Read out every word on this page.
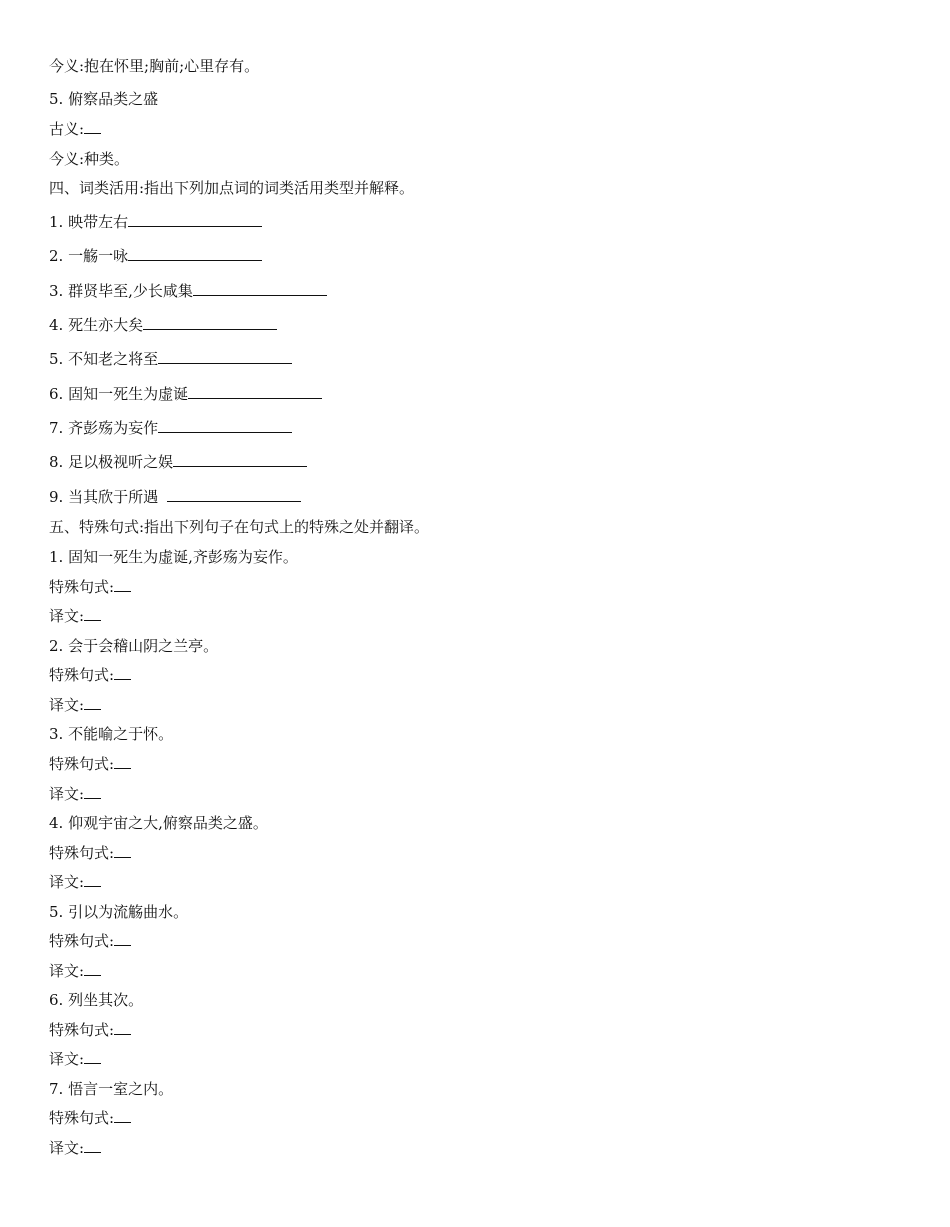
今义:抱在怀里;胸前;心里存有。
5. 俯察品类之盛
古义:
今义:种类。
四、词类活用:指出下列加点词的词类活用类型并解释。
1. 映带左右
2. 一觞一咏
3. 群贤毕至,少长咸集
4. 死生亦大矣
5. 不知老之将至
6. 固知一死生为虚诞
7. 齐彭殇为妄作
8. 足以极视听之娱
9. 当其欣于所遇
五、特殊句式:指出下列句子在句式上的特殊之处并翻译。
1. 固知一死生为虚诞,齐彭殇为妄作。
特殊句式:
译文:
2. 会于会稽山阴之兰亭。
特殊句式:
译文:
3. 不能喻之于怀。
特殊句式:
译文:
4. 仰观宇宙之大,俯察品类之盛。
特殊句式:
译文:
5. 引以为流觞曲水。
特殊句式:
译文:
6. 列坐其次。
特殊句式:
译文:
7. 悟言一室之内。
特殊句式:
译文:
